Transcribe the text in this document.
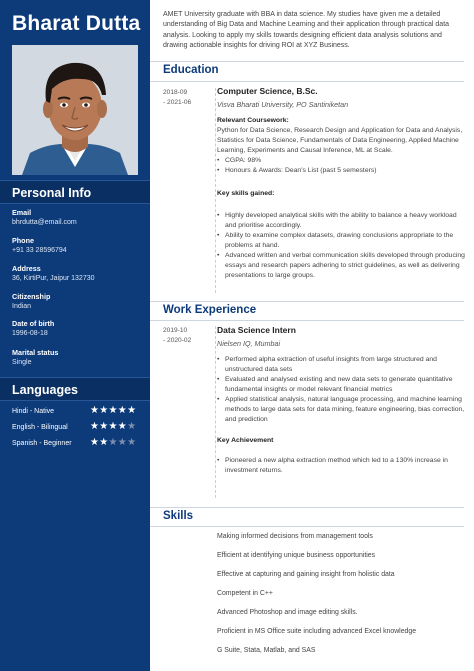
Bharat Dutta
Personal Info
Email
bhrdutta@email.com
Phone
+91 33 28596794
Address
36, KirtiPur, Jaipur 132730
Citizenship
Indian
Date of birth
1996-08-18
Marital status
Single
Languages
Hindi - Native	★★★★★
English - Bilingual ★★★★★
Spanish - Beginner ★★★★★
AMET University graduate with BBA in data science. My studies have given me a detailed understanding of Big Data and Machine Learning and their application through practical data analysis. Looking to apply my skills towards designing efficient data analysis solutions and drawing actionable insights for driving ROI at XYZ Business.
Education
2018-09
- 2021-06
Computer Science, B.Sc.
Visva Bharati University, PO Santiniketan
Relevant Coursework:
Python for Data Science, Research Design and Application for Data and Analysis, Statistics for Data Science, Fundamentals of Data Engineering, Applied Machine Learning, Experiments and Causal Inference, ML at Scale.
• CGPA: 98%
• Honours & Awards: Dean's List (past 5 semesters)
Key skills gained:
• Highly developed analytical skills with the ability to balance a heavy workload and prioritise accordingly.
• Ability to examine complex datasets, drawing conclusions appropriate to the problems at hand.
• Advanced written and verbal communication skills developed through producing essays and research papers adhering to strict guidelines, as well as delivering presentations to large groups.
Work Experience
2019-10
- 2020-02
Data Science Intern
Nielsen IQ, Mumbai
• Performed alpha extraction of useful insights from large structured and unstructured data sets
• Evaluated and analysed existing and new data sets to generate quantitative fundamental insights or model relevant financial metrics
• Applied statistical analysis, natural language processing, and machine learning methods to large data sets for data mining, feature engineering, bias correction, and prediction
Key Achievement
• Pioneered a new alpha extraction method which led to a 130% increase in investment returns.
Skills
Making informed decisions from management tools
Efficient at identifying unique business opportunities
Effective at capturing and gaining insight from holistic data
Competent in C++
Advanced Photoshop and image editing skills.
Proficient in MS Office suite including advanced Excel knowledge
G Suite, Stata, Matlab, and SAS
